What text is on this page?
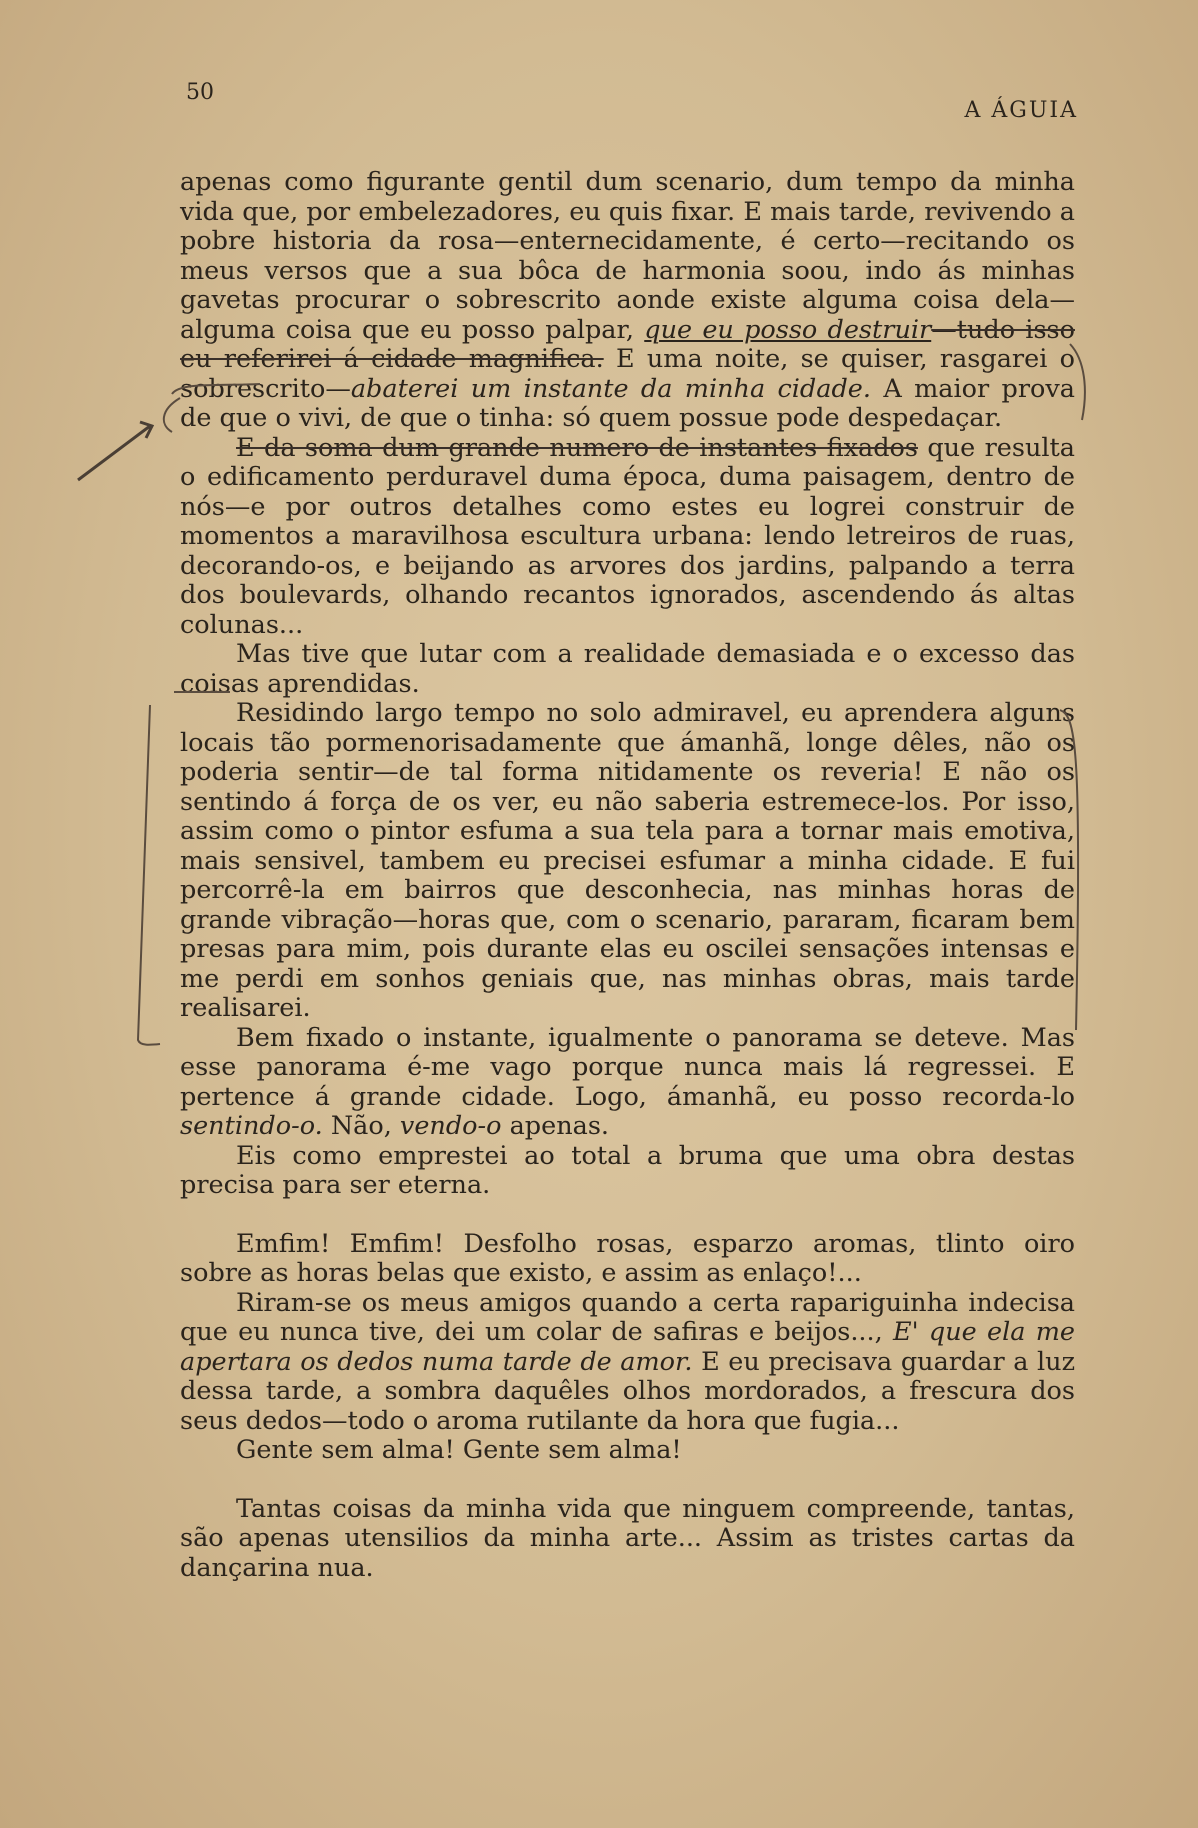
50
A ÁGUIA

apenas como figurante gentil dum scenario, dum tempo da minha vida que, por embelezadores, eu quis fixar. E mais tarde, revivendo a pobre historia da rosa—enternecidamente, é certo—recitando os meus versos que a sua bôca de harmonia soou, indo ás minhas gavetas procurar o sobrescrito aonde existe alguma coisa dela—alguma coisa que eu posso palpar, que eu posso destruir—tudo isso eu referirei á cidade magnifica. E uma noite, se quiser, rasgarei o sobrescrito—abaterei um instante da minha cidade. A maior prova de que o vivi, de que o tinha: só quem possue pode despedaçar.

E da soma dum grande numero de instantes fixados que resulta o edificamento perduravel duma época, duma paisagem, dentro de nós—e por outros detalhes como estes eu logrei construir de momentos a maravilhosa escultura urbana: lendo letreiros de ruas, decorando-os, e beijando as arvores dos jardins, palpando a terra dos boulevards, olhando recantos ignorados, ascendendo ás altas colunas...

Mas tive que lutar com a realidade demasiada e o excesso das coisas aprendidas.

Residindo largo tempo no solo admiravel, eu aprendera alguns locais tão pormenorisadamente que ámanhã, longe dêles, não os poderia sentir—de tal forma nitidamente os reveria! E não os sentindo á força de os ver, eu não saberia estremece-los. Por isso, assim como o pintor esfuma a sua tela para a tornar mais emotiva, mais sensivel, tambem eu precisei esfumar a minha cidade. E fui percorrê-la em bairros que desconhecia, nas minhas horas de grande vibração—horas que, com o scenario, pararam, ficaram bem presas para mim, pois durante elas eu oscilei sensações intensas e me perdi em sonhos geniais que, nas minhas obras, mais tarde realisarei.

Bem fixado o instante, igualmente o panorama se deteve. Mas esse panorama é-me vago porque nunca mais lá regressei. E pertence á grande cidade. Logo, ámanhã, eu posso recorda-lo sentindo-o. Não, vendo-o apenas.

Eis como emprestei ao total a bruma que uma obra destas precisa para ser eterna.

Emfim! Emfim! Desfolho rosas, esparzo aromas, tlinto oiro sobre as horas belas que existo, e assim as enlaço!...

Riram-se os meus amigos quando a certa rapariguinha indecisa que eu nunca tive, dei um colar de safiras e beijos..., E' que ela me apertara os dedos numa tarde de amor. E eu precisava guardar a luz dessa tarde, a sombra daquêles olhos mordorados, a frescura dos seus dedos—todo o aroma rutilante da hora que fugia...

Gente sem alma! Gente sem alma!

Tantas coisas da minha vida que ninguem compreende, tantas, são apenas utensilios da minha arte... Assim as tristes cartas da dançarina nua.
